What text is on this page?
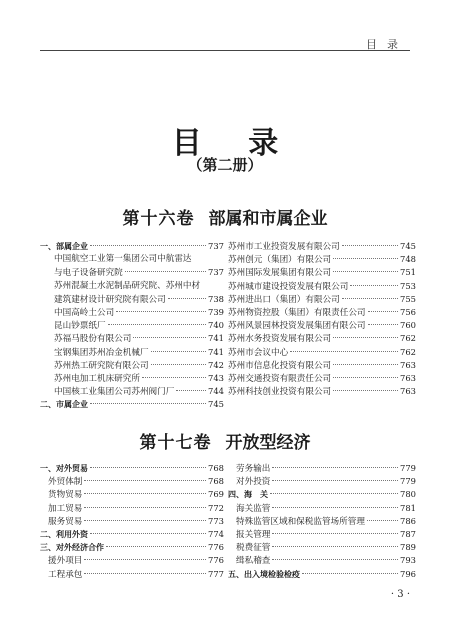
目录
目 录
（第二册）
第十六卷 部属和市属企业
一、部属企业	737
中国航空工业第一集团公司中航雷达
与电子设备研究院	737
苏州混凝土水泥制品研究院、苏州中材
建筑建材设计研究院有限公司	738
中国高岭土公司	739
昆山钞票纸厂	740
苏福马股份有限公司	741
宝钢集团苏州冶金机械厂	741
苏州热工研究院有限公司	742
苏州电加工机床研究所	743
中国核工业集团公司苏州阀门厂	744
二、市属企业	745
苏州市工业投资发展有限公司	745
苏州创元（集团）有限公司	748
苏州国际发展集团有限公司	751
苏州城市建设投资发展有限公司	753
苏州进出口（集团）有限公司	755
苏州物资控股（集团）有限责任公司	756
苏州风景园林投资发展集团有限公司	760
苏州水务投资发展有限公司	762
苏州市会议中心	762
苏州市信息化投资有限公司	763
苏州交通投资有限责任公司	763
苏州科技创业投资有限公司	763
第十七卷 开放型经济
一、对外贸易	768
外贸体制	768
货物贸易	769
加工贸易	772
服务贸易	773
二、利用外资	774
三、对外经济合作	776
援外项目	776
工程承包	777
劳务输出	779
对外投资	779
四、海　关	780
海关监管	781
特殊监管区域和保税监管场所管理	786
报关管理	787
税费征管	789
缉私稽查	793
五、出入境检验检疫	796
· 3 ·
